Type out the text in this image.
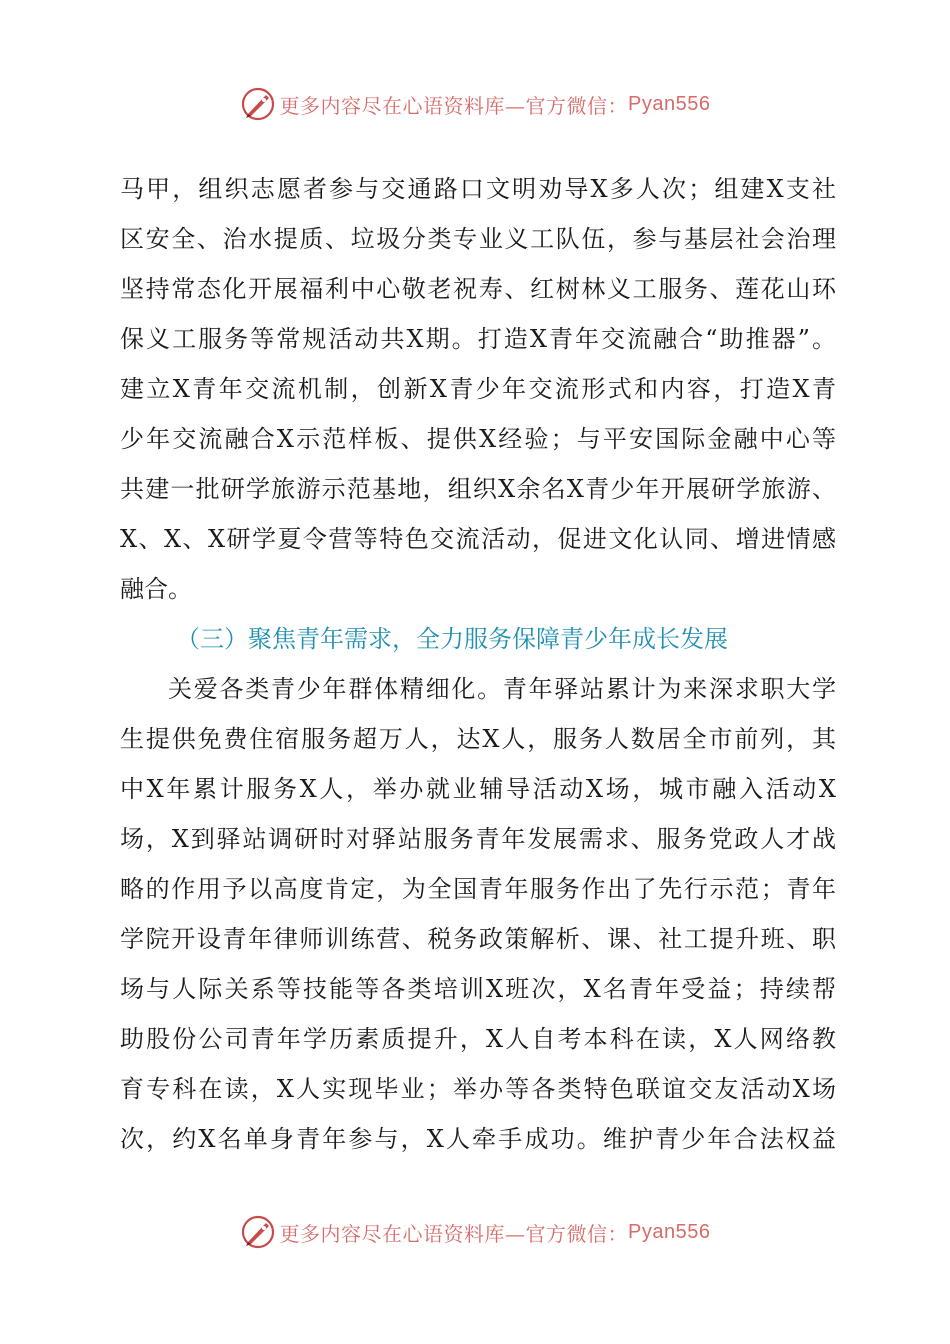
更多内容尽在心语资料库—官方微信： Pyan556
马甲，组织志愿者参与交通路口文明劝导X多人次；组建X支社
区安全、治水提质、垃圾分类专业义工队伍，参与基层社会治理
坚持常态化开展福利中心敬老祝寿、红树林义工服务、莲花山环
保义工服务等常规活动共X期。打造X青年交流融合“助推器”。
建立X青年交流机制，创新X青少年交流形式和内容，打造X青
少年交流融合X示范样板、提供X经验；与平安国际金融中心等
共建一批研学旅游示范基地，组织X余名X青少年开展研学旅游、
X、X、X研学夏令营等特色交流活动，促进文化认同、增进情感
融合。
（三）聚焦青年需求，全力服务保障青少年成长发展
关爱各类青少年群体精细化。青年驿站累计为来深求职大学
生提供免费住宿服务超万人，达X人，服务人数居全市前列，其
中X年累计服务X人，举办就业辅导活动X场，城市融入活动X
场，X到驿站调研时对驿站服务青年发展需求、服务党政人才战
略的作用予以高度肯定，为全国青年服务作出了先行示范；青年
学院开设青年律师训练营、税务政策解析、课、社工提升班、职
场与人际关系等技能等各类培训X班次，X名青年受益；持续帮
助股份公司青年学历素质提升，X人自考本科在读，X人网络教
育专科在读，X人实现毕业；举办等各类特色联谊交友活动X场
次，约X名单身青年参与，X人牵手成功。维护青少年合法权益
更多内容尽在心语资料库—官方微信： Pyan556
